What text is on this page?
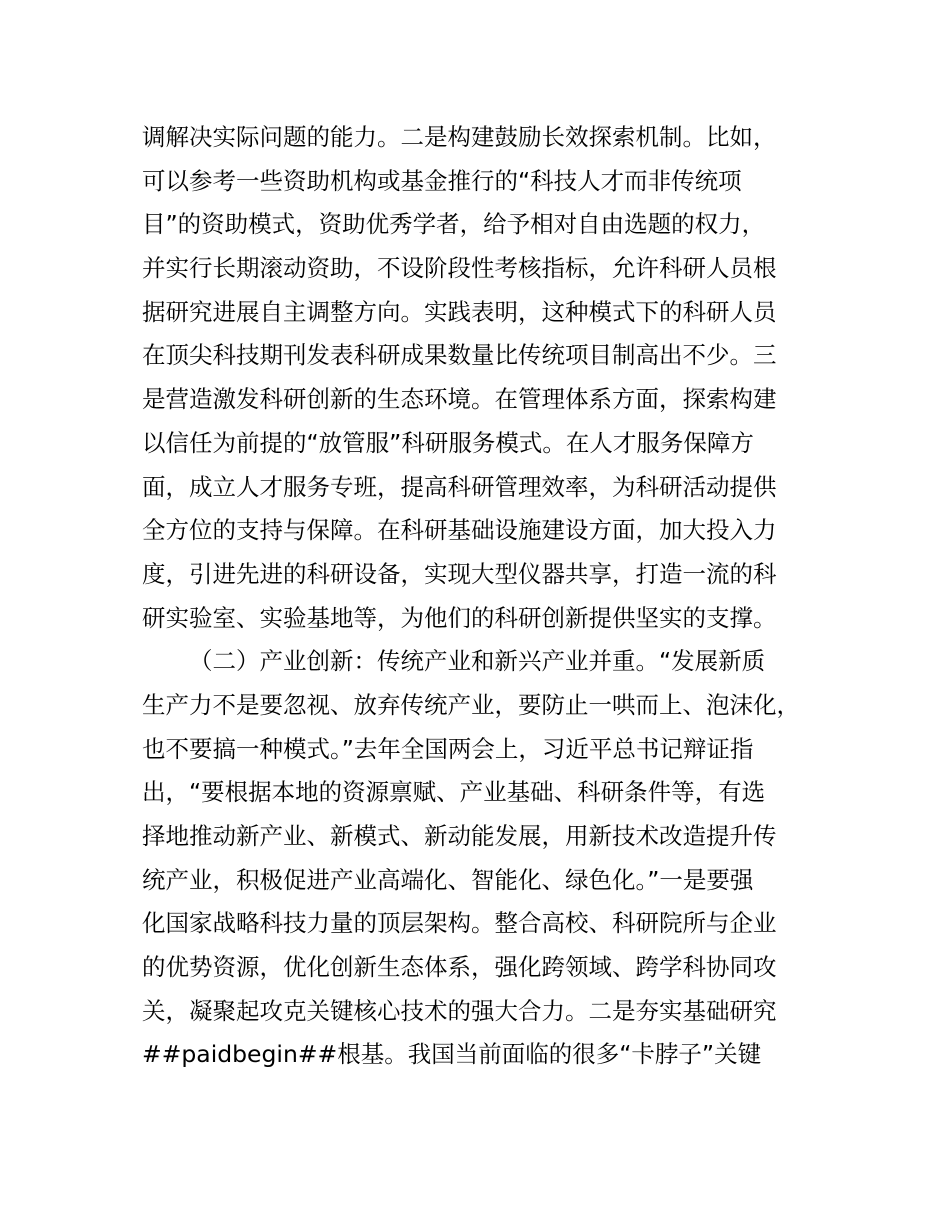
调解决实际问题的能力。二是构建鼓励长效探索机制。比如，
可以参考一些资助机构或基金推行的“科技人才而非传统项
目”的资助模式，资助优秀学者，给予相对自由选题的权力，
并实行长期滚动资助，不设阶段性考核指标，允许科研人员根
据研究进展自主调整方向。实践表明，这种模式下的科研人员
在顶尖科技期刊发表科研成果数量比传统项目制高出不少。三
是营造激发科研创新的生态环境。在管理体系方面，探索构建
以信任为前提的“放管服”科研服务模式。在人才服务保障方
面，成立人才服务专班，提高科研管理效率，为科研活动提供
全方位的支持与保障。在科研基础设施建设方面，加大投入力
度，引进先进的科研设备，实现大型仪器共享，打造一流的科
研实验室、实验基地等，为他们的科研创新提供坚实的支撑。
（二）产业创新：传统产业和新兴产业并重。“发展新质
生产力不是要忽视、放弃传统产业，要防止一哄而上、泡沫化，
也不要搞一种模式。”去年全国两会上，习近平总书记辩证指
出，“要根据本地的资源禀赋、产业基础、科研条件等，有选
择地推动新产业、新模式、新动能发展，用新技术改造提升传
统产业，积极促进产业高端化、智能化、绿色化。”一是要强
化国家战略科技力量的顶层架构。整合高校、科研院所与企业
的优势资源，优化创新生态体系，强化跨领域、跨学科协同攻
关，凝聚起攻克关键核心技术的强大合力。二是夯实基础研究
##paidbegin##根基。我国当前面临的很多“卡脖子”关键
